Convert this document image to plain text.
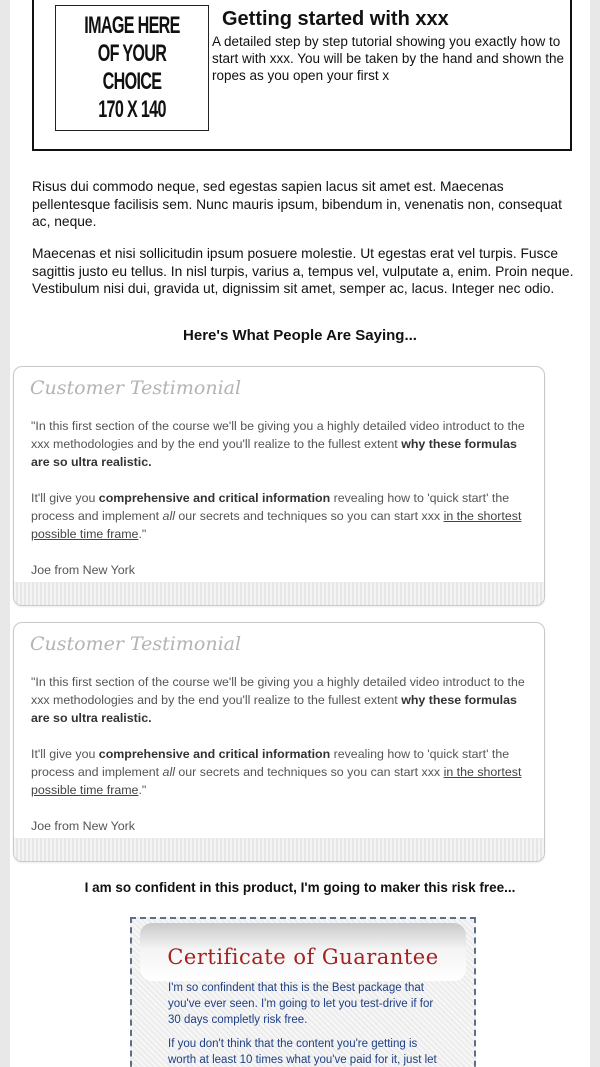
IMAGE HERE
OF YOUR
CHOICE
170 X 140
Getting started with xxx
A detailed step by step tutorial showing you exactly how to start with xxx. You will be taken by the hand and shown the ropes as you open your first x
Risus dui commodo neque, sed egestas sapien lacus sit amet est. Maecenas pellentesque facilisis sem. Nunc mauris ipsum, bibendum in, venenatis non, consequat ac, neque.
Maecenas et nisi sollicitudin ipsum posuere molestie. Ut egestas erat vel turpis. Fusce sagittis justo eu tellus. In nisl turpis, varius a, tempus vel, vulputate a, enim. Proin neque. Vestibulum nisi dui, gravida ut, dignissim sit amet, semper ac, lacus. Integer nec odio.
Here's What People Are Saying...
Customer Testimonial

"In this first section of the course we'll be giving you a highly detailed video introduct to the xxx methodologies and by the end you'll realize to the fullest extent why these formulas are so ultra realistic.

It'll give you comprehensive and critical information revealing how to 'quick start' the process and implement all our secrets and techniques so you can start xxx in the shortest possible time frame."

Joe from New York

Customer Testimonial

"In this first section of the course we'll be giving you a highly detailed video introduct to the xxx methodologies and by the end you'll realize to the fullest extent why these formulas are so ultra realistic.

It'll give you comprehensive and critical information revealing how to 'quick start' the process and implement all our secrets and techniques so you can start xxx in the shortest possible time frame."

Joe from New York

I am so confident in this product, I'm going to maker this risk free...
Certificate of Guarantee
I'm so confindent that this is the Best package that you've ever seen. I'm going to let you test-drive if for 30 days completly risk free.
If you don't think that the content you're getting is worth at least 10 times what you've paid for it, just let
